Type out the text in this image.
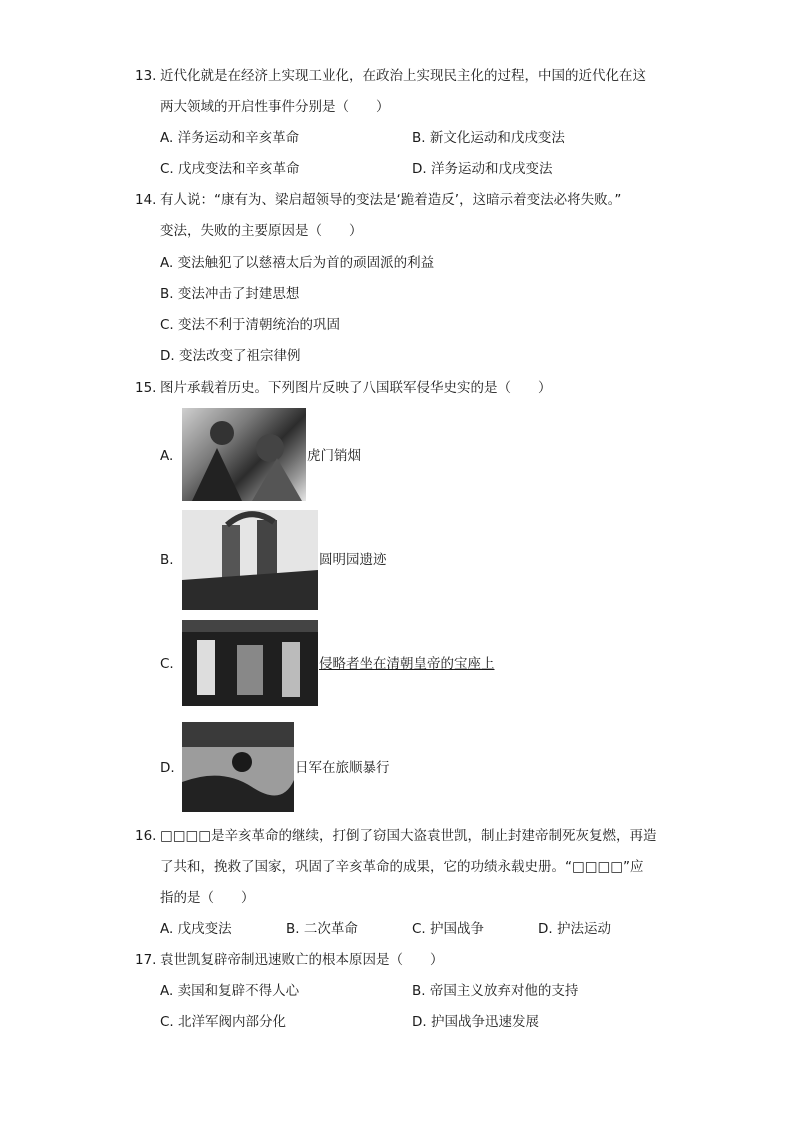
13. 近代化就是在经济上实现工业化，在政治上实现民主化的过程，中国的近代化在这
两大领域的开启性事件分别是（　　）
A. 洋务运动和辛亥革命	B. 新文化运动和戊戌变法
C. 戊戌变法和辛亥革命	D. 洋务运动和戊戌变法
14. 有人说：“康有为、梁启超领导的变法是‘跪着造反’，这暗示着变法必将失败。”
变法，失败的主要原因是（　　）
A. 变法触犯了以慈禧太后为首的顽固派的利益
B. 变法冲击了封建思想
C. 变法不利于清朝统治的巩固
D. 变法改变了祖宗律例
15. 图片承载着历史。下列图片反映了八国联军侵华史实的是（　　）
A.	虎门销烟
B.	圆明园遗迹
C.	侵略者坐在清朝皇帝的宝座上
D.	日军在旅顺暴行
16. □□□□是辛亥革命的继续，打倒了窃国大盗袁世凯，制止封建帝制死灰复燃，再造
了共和，挽救了国家，巩固了辛亥革命的成果，它的功绩永载史册。“□□□□”应
指的是（　　）
A. 戊戌变法	B. 二次革命	C. 护国战争	D. 护法运动
17. 袁世凯复辟帝制迅速败亡的根本原因是（　　）
A. 卖国和复辟不得人心	B. 帝国主义放弃对他的支持
C. 北洋军阀内部分化	D. 护国战争迅速发展
